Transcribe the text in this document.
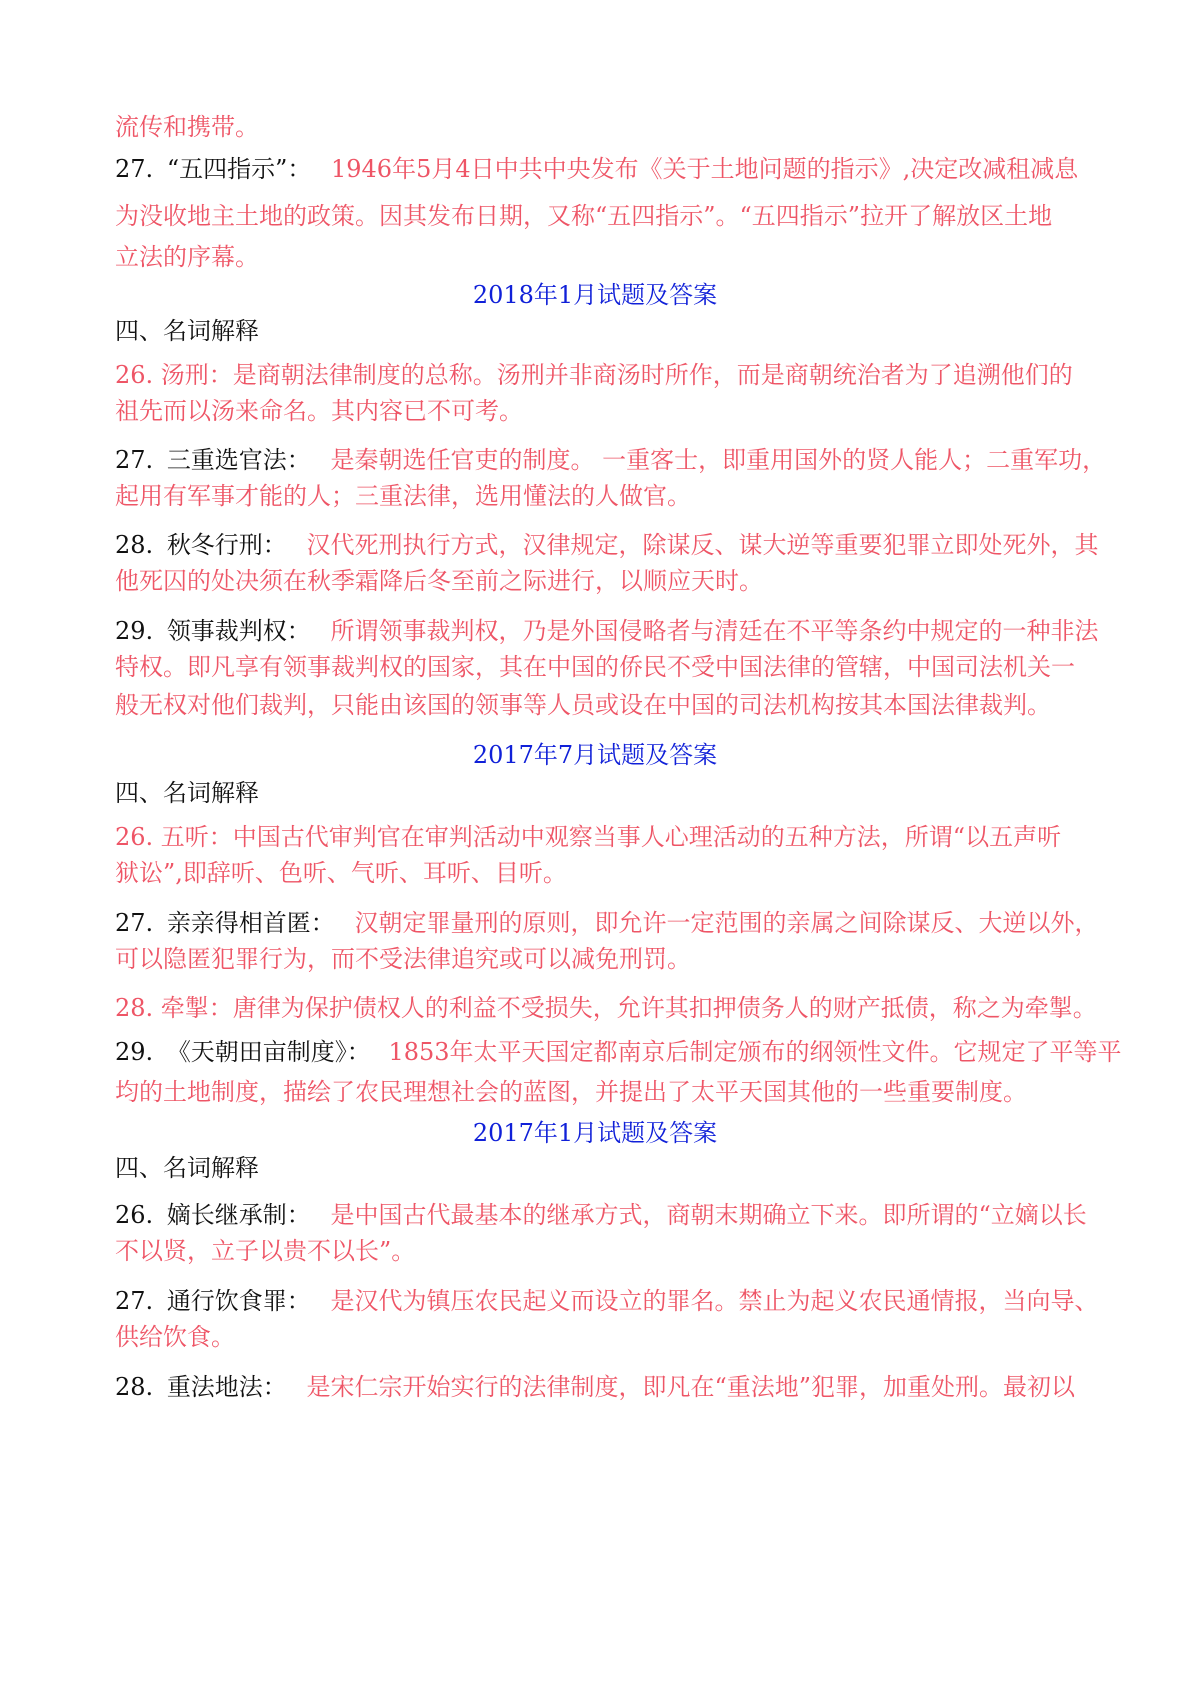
流传和携带。
27. “五四指示”： 1946年5月4日中共中央发布《关于土地问题的指示》,决定改减租减息
为没收地主土地的政策。因其发布日期，又称“五四指示”。“五四指示”拉开了解放区土地
立法的序幕。
2018年1月试题及答案
四、名词解释
26. 汤刑：是商朝法律制度的总称。汤刑并非商汤时所作，而是商朝统治者为了追溯他们的
祖先而以汤来命名。其内容已不可考。
27. 三重选官法： 是秦朝选任官吏的制度。 一重客士，即重用国外的贤人能人；二重军功，
起用有军事才能的人；三重法律，选用懂法的人做官。
28. 秋冬行刑： 汉代死刑执行方式，汉律规定，除谋反、谋大逆等重要犯罪立即处死外，其
他死囚的处决须在秋季霜降后冬至前之际进行，以顺应天时。
29. 领事裁判权： 所谓领事裁判权，乃是外国侵略者与清廷在不平等条约中规定的一种非法
特权。即凡享有领事裁判权的国家，其在中国的侨民不受中国法律的管辖，中国司法机关一
般无权对他们裁判，只能由该国的领事等人员或设在中国的司法机构按其本国法律裁判。
2017年7月试题及答案
四、名词解释
26. 五听：中国古代审判官在审判活动中观察当事人心理活动的五种方法，所谓“以五声听
狱讼”,即辞听、色听、气听、耳听、目听。
27. 亲亲得相首匿： 汉朝定罪量刑的原则，即允许一定范围的亲属之间除谋反、大逆以外，
可以隐匿犯罪行为，而不受法律追究或可以减免刑罚。
28. 牵掣：唐律为保护债权人的利益不受损失，允许其扣押债务人的财产抵债，称之为牵掣。
29. 《天朝田亩制度》： 1853年太平天国定都南京后制定颁布的纲领性文件。它规定了平等平
均的土地制度，描绘了农民理想社会的蓝图，并提出了太平天国其他的一些重要制度。
2017年1月试题及答案
四、名词解释
26. 嫡长继承制： 是中国古代最基本的继承方式，商朝末期确立下来。即所谓的“立嫡以长
不以贤，立子以贵不以长”。
27. 通行饮食罪： 是汉代为镇压农民起义而设立的罪名。禁止为起义农民通情报，当向导、
供给饮食。
28. 重法地法： 是宋仁宗开始实行的法律制度，即凡在“重法地”犯罪，加重处刑。最初以
